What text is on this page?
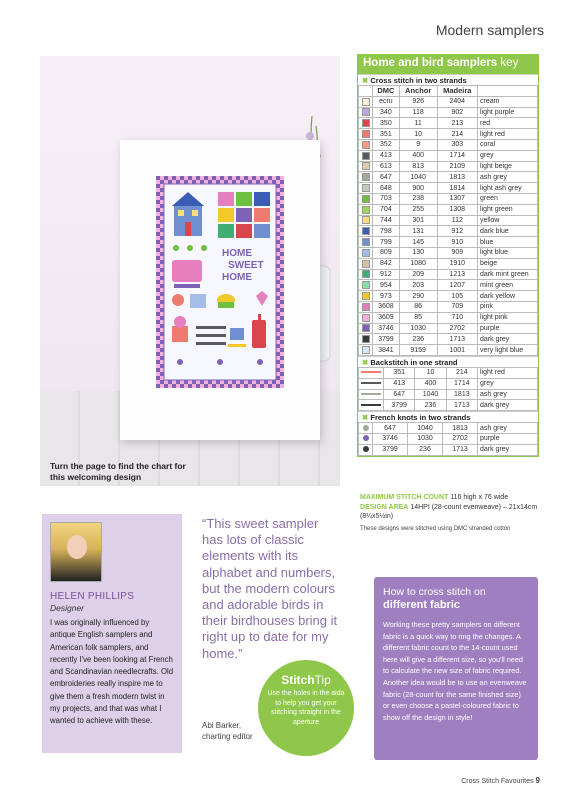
Modern samplers
HOME
SWEET
HOME
Turn the page to find the chart for this welcoming design
Home and bird samplers key
✖ Cross stitch in two strands
	DMC	Anchor	Madeira	
	ecru	926	2404	cream
	340	118	902	light purple
	350	11	213	red
	351	10	214	light red
	352	9	303	coral
	413	400	1714	grey
	613	813	2109	light beige
	647	1040	1813	ash grey
	648	900	1814	light ash grey
	703	238	1307	green
	704	255	1308	light green
	744	301	112	yellow
	798	131	912	dark blue
	799	145	910	blue
	809	130	909	light blue
	842	1080	1910	beige
	912	209	1213	dark mint green
	954	203	1207	mint green
	973	290	105	dark yellow
	3608	86	709	pink
	3609	85	710	light pink
	3746	1030	2702	purple
	3799	236	1713	dark grey
	3841	9159	1001	very light blue
✖ Backstitch in one strand
	351	10	214	light red
	413	400	1714	grey
	647	1040	1813	ash grey
	3799	236	1713	dark grey
✖ French knots in two strands
	647	1040	1813	ash grey
	3746	1030	2702	purple
	3799	236	1713	dark grey
MAXIMUM STITCH COUNT 116 high x 76 wide
DESIGN AREA 14HPI (28-count evenweave) – 21x14cm (8¼x5½in)
These designs were stitched using DMC stranded cotton
HELEN PHILLIPS
Designer
I was originally influenced by antique English samplers and American folk samplers, and recently I've been looking at French and Scandinavian needlecrafts. Old embroideries really inspire me to give them a fresh modern twist in my projects, and that was what I wanted to achieve with these.
“This sweet sampler has lots of classic elements with its alphabet and numbers, but the modern colours and adorable birds in their birdhouses bring it right up to date for my home.”
Abi Barker,
charting editor
StitchTip
Use the holes in the aida to help you get your stitching straight in the aperture
How to cross stitch on
different fabric
Working these pretty samplers on different fabric is a quick way to ring the changes. A different fabric count to the 14-count used here will give a different size, so you'll need to calculate the new size of fabric required. Another idea would be to use an evenweave fabric (28-count for the same finished size) or even choose a pastel-coloured fabric to show off the design in style!
Cross Stitch Favourites 9
